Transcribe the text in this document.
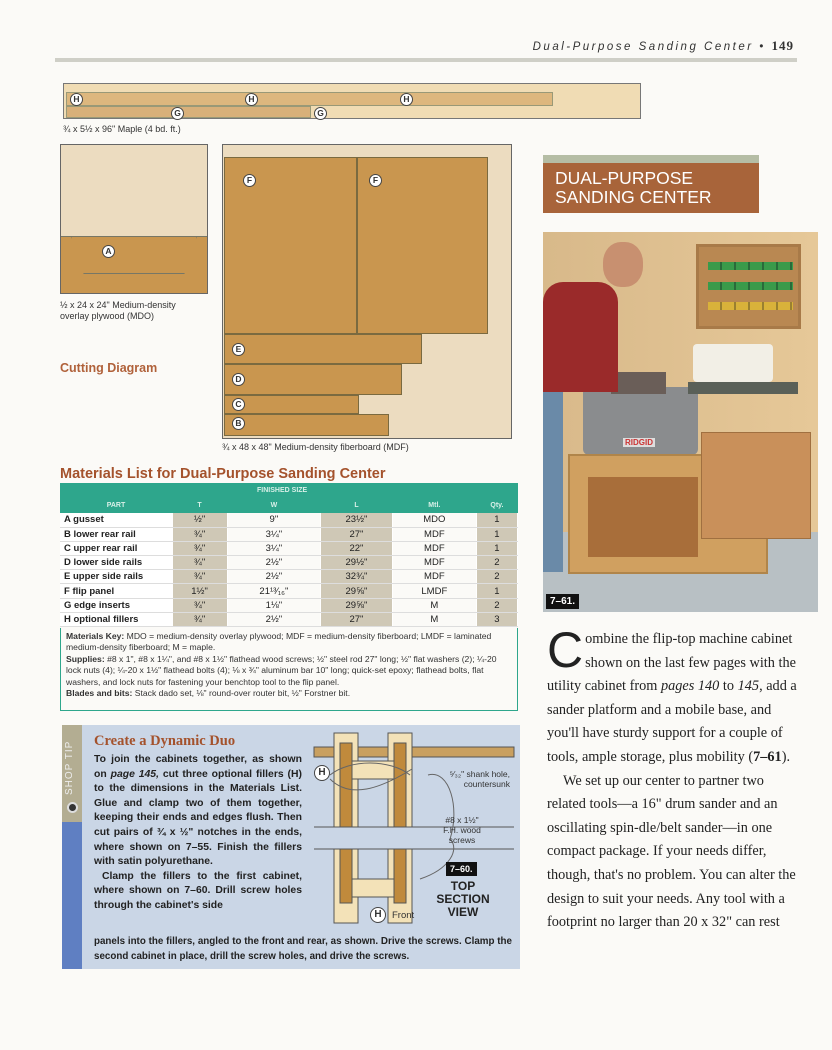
Dual-Purpose Sanding Center • 149
H
G
H
G
H
¾ x 5½ x 96" Maple (4 bd. ft.)
A
½ x 24 x 24" Medium-density
overlay plywood (MDO)
Cutting Diagram
F	F
E
D
C
B
¾ x 48 x 48" Medium-density fiberboard (MDF)
Materials List for Dual-Purpose Sanding Center
	FINISHED SIZE				
PART	T	W	L	Mtl.	Qty.
A gusset	½"	9"	23½"	MDO	1
B lower rear rail	¾"	3¼"	27"	MDF	1
C upper rear rail	¾"	3¼"	22"	MDF	1
D lower side rails	¾"	2½"	29½"	MDF	2
E upper side rails	¾"	2½"	32¾"	MDF	2
F flip panel	1½"	21¹³⁄₁₆"	29⅝"	LMDF	1
G edge inserts	¾"	1⅛"	29⅝"	M	2
H optional fillers	¾"	2½"	27"	M	3
Materials Key: MDO = medium-density overlay plywood; MDF = medium-density fiberboard; LMDF = laminated medium-density fiberboard; M = maple.
Supplies: #8 x 1", #8 x 1¼", and #8 x 1½" flathead wood screws; ½" steel rod 27" long; ½" flat washers (2); ¼-20 lock nuts (4); ¼-20 x 1½" flathead bolts (4); ⅛ x ¾" aluminum bar 10" long; quick-set epoxy; flathead bolts, flat washers, and lock nuts for fastening your benchtop tool to the flip panel.
Blades and bits: Stack dado set, ⅛" round-over router bit, ½" Forstner bit.
SHOP TIP Create a Dynamic Duo
To join the cabinets together, as shown on page 145, cut three optional fillers (H) to the dimensions in the Materials List. Glue and clamp two of them together, keeping their ends and edges flush. Then cut pairs of ¾ x ½" notches in the ends, where shown on 7–55. Finish the fillers with satin polyurethane.
Clamp the fillers to the first cabinet, where shown on 7–60. Drill screw holes through the cabinet's side
panels into the fillers, angled to the front and rear, as shown. Drive the screws. Clamp the second cabinet in place, drill the screw holes, and drive the screws.
H
H	Front
⁵⁄₃₂" shank hole,
countersunk
#8 x 1½"
F.H. wood
screws
7–60.
TOP
SECTION
VIEW
DUAL-PURPOSE
SANDING CENTER
RIDGID
7–61.

Combine the flip-top machine cabinet shown on the last few pages with the utility cabinet from pages 140 to 145, add a sander platform and a mobile base, and you'll have sturdy support for a couple of tools, ample storage, plus mobility (7–61).

We set up our center to partner two related tools—a 16" drum sander and an oscillating spin-dle/belt sander—in one compact package. If your needs differ, though, that's no problem. You can alter the design to suit your needs. Any tool with a footprint no larger than 20 x 32" can rest
